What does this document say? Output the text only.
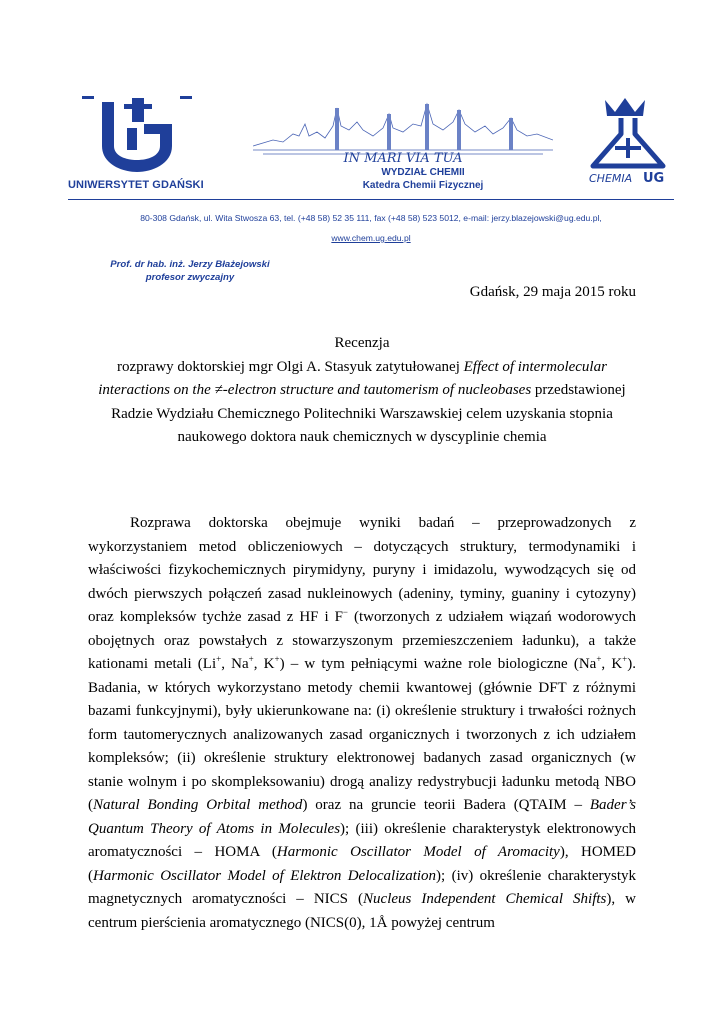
UNIWERSYTET GDAŃSKI
IN MARI VIA TUA
WYDZIAŁ CHEMII
Katedra Chemii Fizycznej
CHEMIA UG
80-308 Gdańsk, ul. Wita Stwosza 63, tel. (+48 58) 52 35 111, fax (+48 58) 523 5012, e-mail: jerzy.blazejowski@ug.edu.pl,
www.chem.ug.edu.pl
Prof. dr hab. inż. Jerzy Błażejowski
profesor zwyczajny
Gdańsk, 29 maja 2015 roku
Recenzja
rozprawy doktorskiej mgr Olgi A. Stasyuk zatytułowanej Effect of intermolecular interactions on the ≠-electron structure and tautomerism of nucleobases przedstawionej Radzie Wydziału Chemicznego Politechniki Warszawskiej celem uzyskania stopnia naukowego doktora nauk chemicznych w dyscyplinie chemia

Rozprawa doktorska obejmuje wyniki badań – przeprowadzonych z wykorzystaniem metod obliczeniowych – dotyczących struktury, termodynamiki i właściwości fizykochemicznych pirymidyny, puryny i imidazolu, wywodzących się od dwóch pierwszych połączeń zasad nukleinowych (adeniny, tyminy, guaniny i cytozyny) oraz kompleksów tychże zasad z HF i F− (tworzonych z udziałem wiązań wodorowych obojętnych oraz powstałych z stowarzyszonym przemieszczeniem ładunku), a także kationami metali (Li+, Na+, K+) – w tym pełniącymi ważne role biologiczne (Na+, K+). Badania, w których wykorzystano metody chemii kwantowej (głównie DFT z różnymi bazami funkcyjnymi), były ukierunkowane na: (i) określenie struktury i trwałości rożnych form tautomerycznych analizowanych zasad organicznych i tworzonych z ich udziałem kompleksów; (ii) określenie struktury elektronowej badanych zasad organicznych (w stanie wolnym i po skompleksowaniu) drogą analizy redystrybucji ładunku metodą NBO (Natural Bonding Orbital method) oraz na gruncie teorii Badera (QTAIM – Bader’s Quantum Theory of Atoms in Molecules); (iii) określenie charakterystyk elektronowych aromatyczności – HOMA (Harmonic Oscillator Model of Aromacity), HOMED (Harmonic Oscillator Model of Elektron Delocalization); (iv) określenie charakterystyk magnetycznych aromatyczności – NICS (Nucleus Independent Chemical Shifts), w centrum pierścienia aromatycznego (NICS(0), 1Å powyżej centrum
